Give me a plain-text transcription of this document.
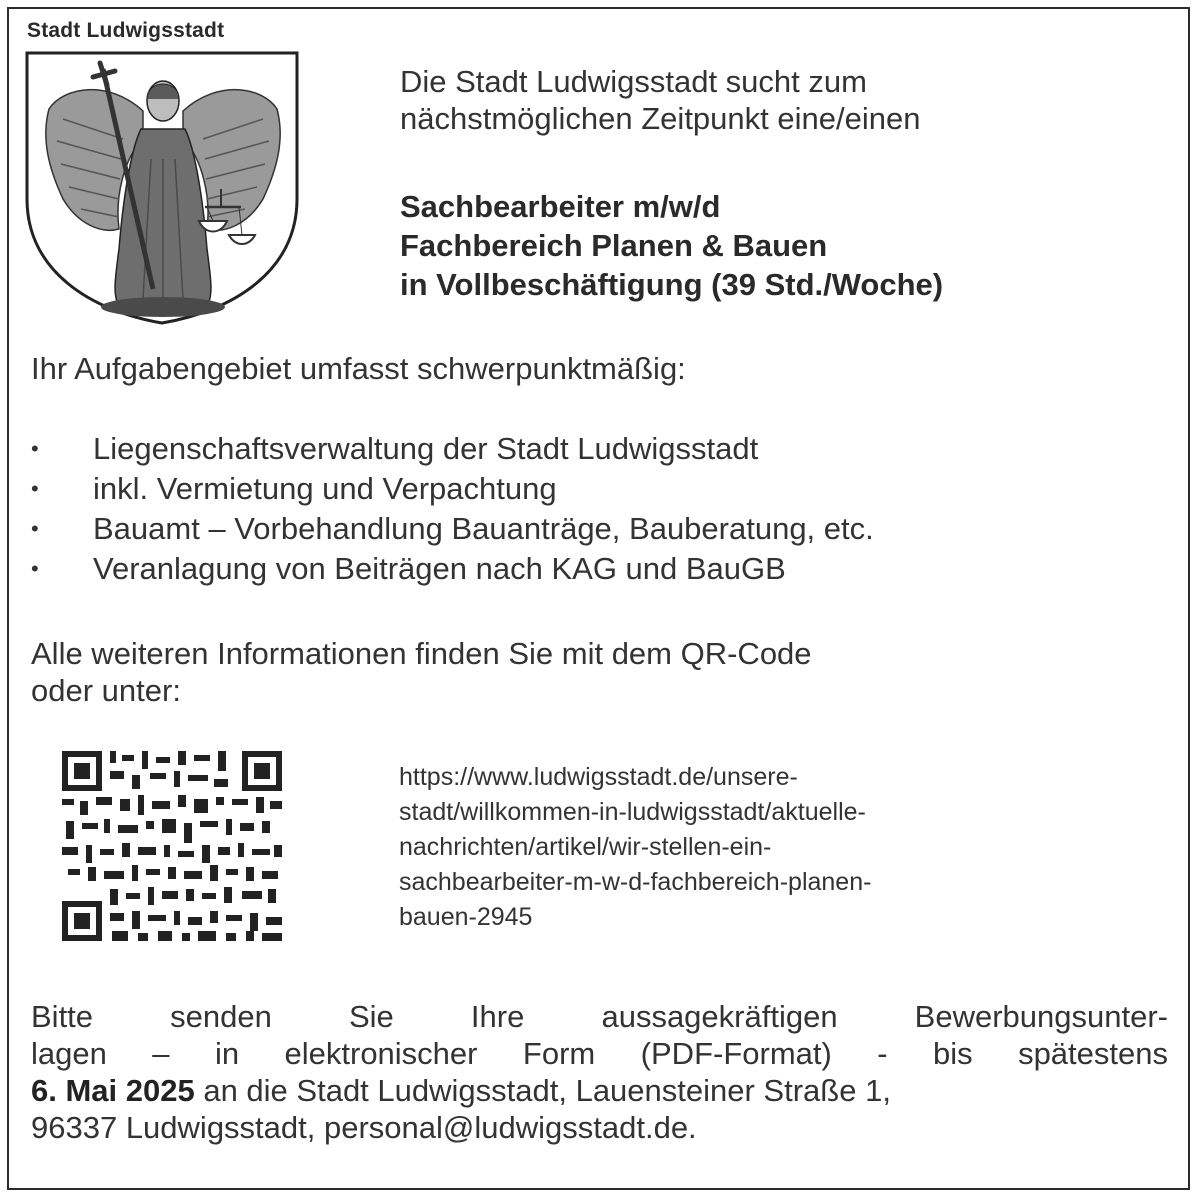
Stadt Ludwigsstadt
Die Stadt Ludwigsstadt sucht zum
nächstmöglichen Zeitpunkt eine/einen
Sachbearbeiter m/w/d
Fachbereich Planen & Bauen
in Vollbeschäftigung (39 Std./Woche)
Ihr Aufgabengebiet umfasst schwerpunktmäßig:
• Liegenschaftsverwaltung der Stadt Ludwigsstadt
• inkl. Vermietung und Verpachtung
• Bauamt – Vorbehandlung Bauanträge, Bauberatung, etc.
• Veranlagung von Beiträgen nach KAG und BauGB
Alle weiteren Informationen finden Sie mit dem QR-Code
oder unter:
https://www.ludwigsstadt.de/unsere-
stadt/willkommen-in-ludwigsstadt/aktuelle-
nachrichten/artikel/wir-stellen-ein-
sachbearbeiter-m-w-d-fachbereich-planen-
bauen-2945
Bitte senden Sie Ihre aussagekräftigen Bewerbungsunter-
lagen – in elektronischer Form (PDF-Format) - bis spätestens
6. Mai 2025 an die Stadt Ludwigsstadt, Lauensteiner Straße 1,
96337 Ludwigsstadt, personal@ludwigsstadt.de.
